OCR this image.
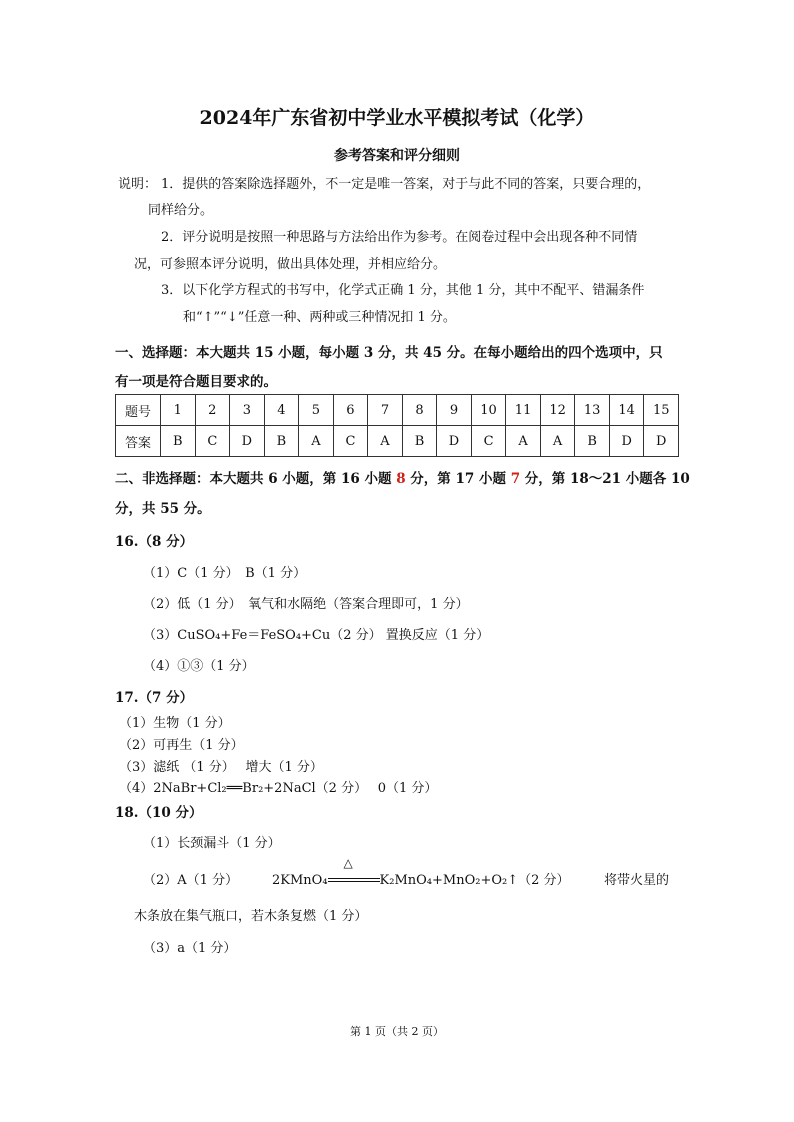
2024年广东省初中学业水平模拟考试（化学）
参考答案和评分细则
说明： 1．提供的答案除选择题外，不一定是唯一答案，对于与此不同的答案，只要合理的，
同样给分。
2．评分说明是按照一种思路与方法给出作为参考。在阅卷过程中会出现各种不同情
况，可参照本评分说明，做出具体处理，并相应给分。
3．以下化学方程式的书写中，化学式正确 1 分，其他 1 分，其中不配平、错漏条件
和“↑”“↓”任意一种、两种或三种情况扣 1 分。
一、选择题：本大题共 15 小题，每小题 3 分，共 45 分。在每小题给出的四个选项中，只
有一项是符合题目要求的。
题号	1	2	3	4	5	6	7	8	9	10	11	12	13	14	15
答案	B	C	D	B	A	C	A	B	D	C	A	A	B	D	D
二、非选择题：本大题共 6 小题，第 16 小题 8 分，第 17 小题 7 分，第 18～21 小题各 10
分，共 55 分。
16.（8 分）
（1）C（1 分）　B（1 分）
（2）低（1 分）　氧气和水隔绝（答案合理即可，1 分）
（3）CuSO₄+Fe＝FeSO₄+Cu（2 分） 置换反应（1 分）
（4）①③（1 分）
17.（7 分）
（1）生物（1 分）
（2）可再生（1 分）
（3）滤纸 （1 分）　 增大（1 分）
（4）2NaBr+Cl₂══Br₂+2NaCl（2 分）　 0（1 分）
18.（10 分）
（1）长颈漏斗（1 分）
（2）A（1 分）	2KMnO₄
△
K₂MnO₄+MnO₂+O₂↑（2 分）	将带火星的
木条放在集气瓶口，若木条复燃（1 分）
（3）a（1 分）
第 1 页（共 2 页）
